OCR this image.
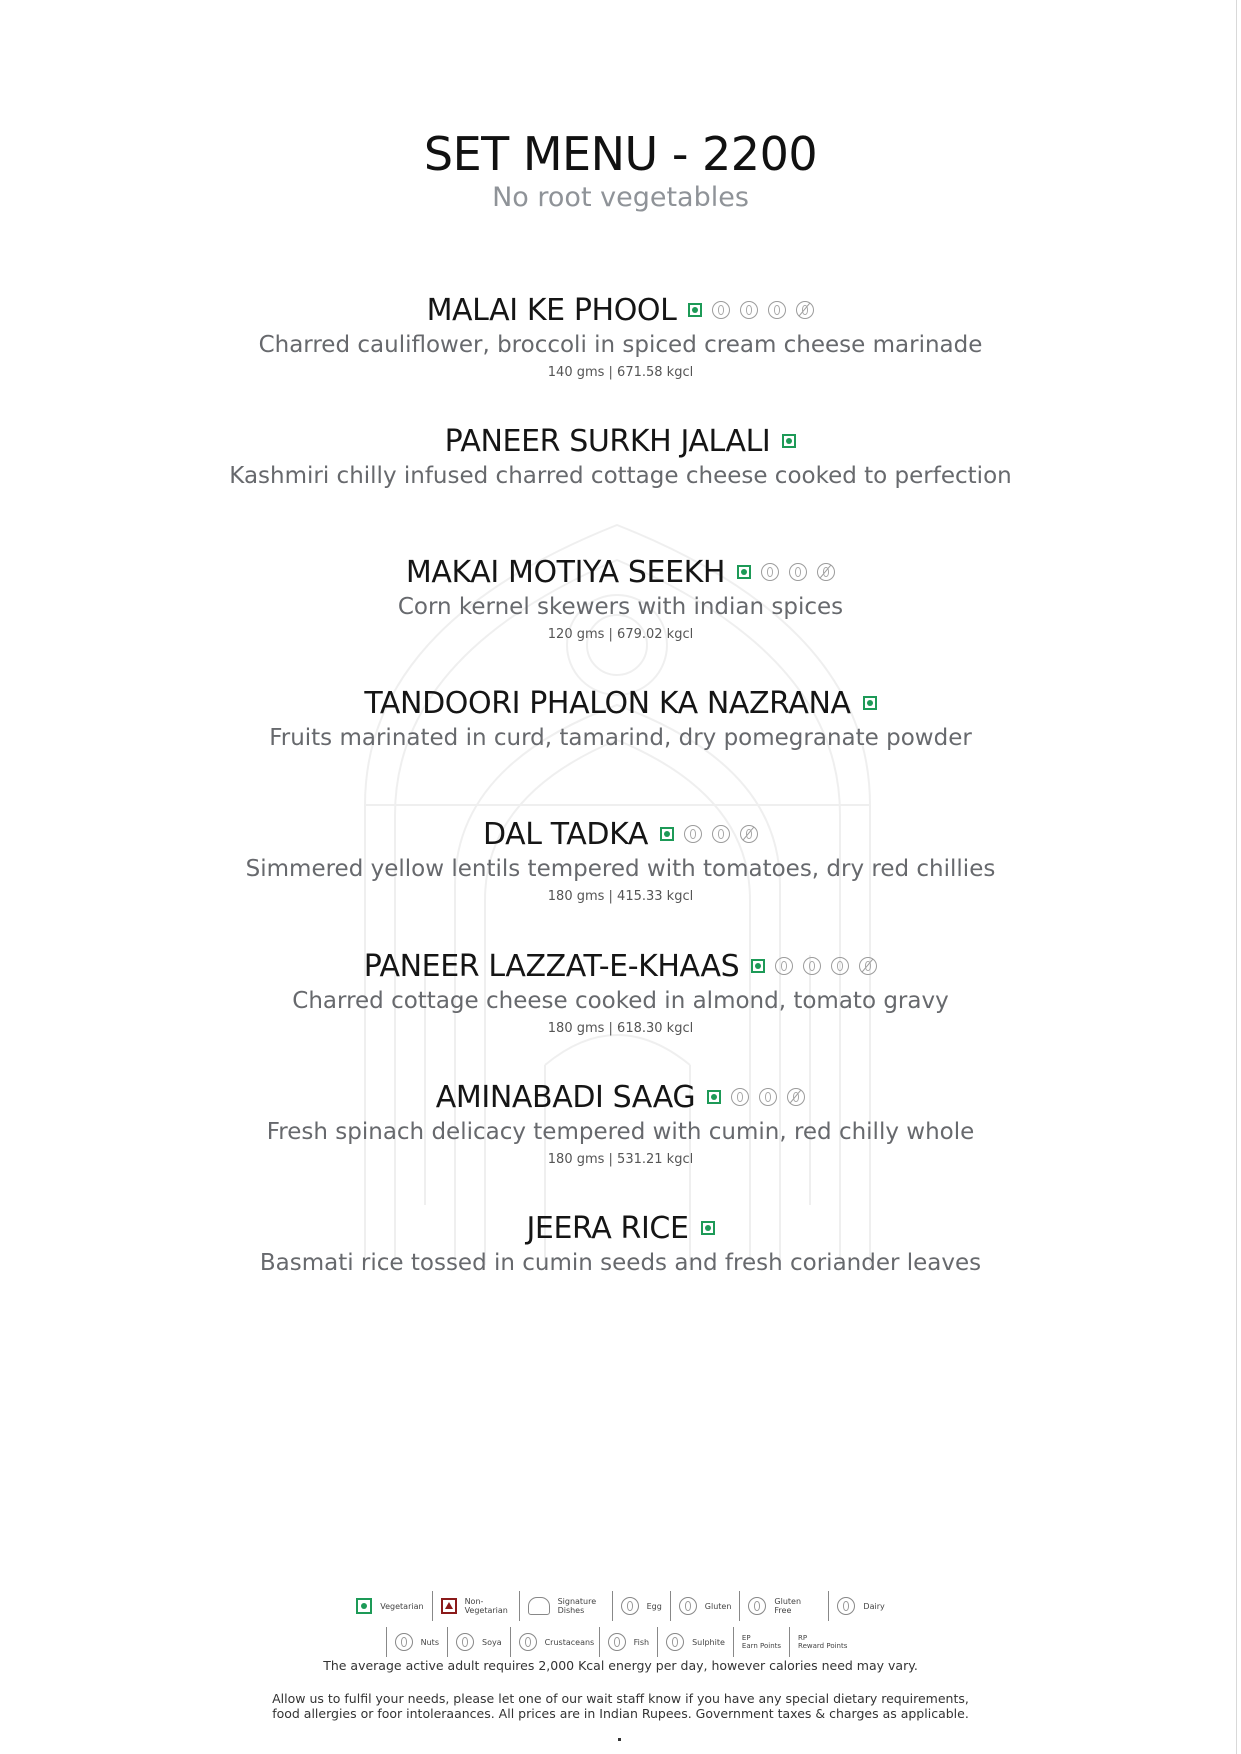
SET MENU - 2200
No root vegetables
MALAI KE PHOOL
Charred cauliflower, broccoli in spiced cream cheese marinade
140 gms | 671.58 kgcl
PANEER SURKH JALALI
Kashmiri chilly infused charred cottage cheese cooked to perfection
MAKAI MOTIYA SEEKH
Corn kernel skewers with indian spices
120 gms | 679.02 kgcl
TANDOORI PHALON KA NAZRANA
Fruits marinated in curd, tamarind, dry pomegranate powder
DAL TADKA
Simmered yellow lentils tempered with tomatoes, dry red chillies
180 gms | 415.33 kgcl
PANEER LAZZAT-E-KHAAS
Charred cottage cheese cooked in almond, tomato gravy
180 gms | 618.30 kgcl
AMINABADI SAAG
Fresh spinach delicacy tempered with cumin, red chilly whole
180 gms | 531.21 kgcl
JEERA RICE
Basmati rice tossed in cumin seeds and fresh coriander leaves
Vegetarian	Non-Vegetarian
Signature Dishes	Egg	Gluten	Gluten Free	Dairy
Nuts	Soya	Crustaceans	Fish	Sulphite EP
Earn Points
RP
Reward Points
The average active adult requires 2,000 Kcal energy per day, however calories need may vary.
Allow us to fulfil your needs, please let one of our wait staff know if you have any special dietary requirements,
food allergies or foor intoleraances. All prices are in Indian Rupees. Government taxes & charges as applicable.
